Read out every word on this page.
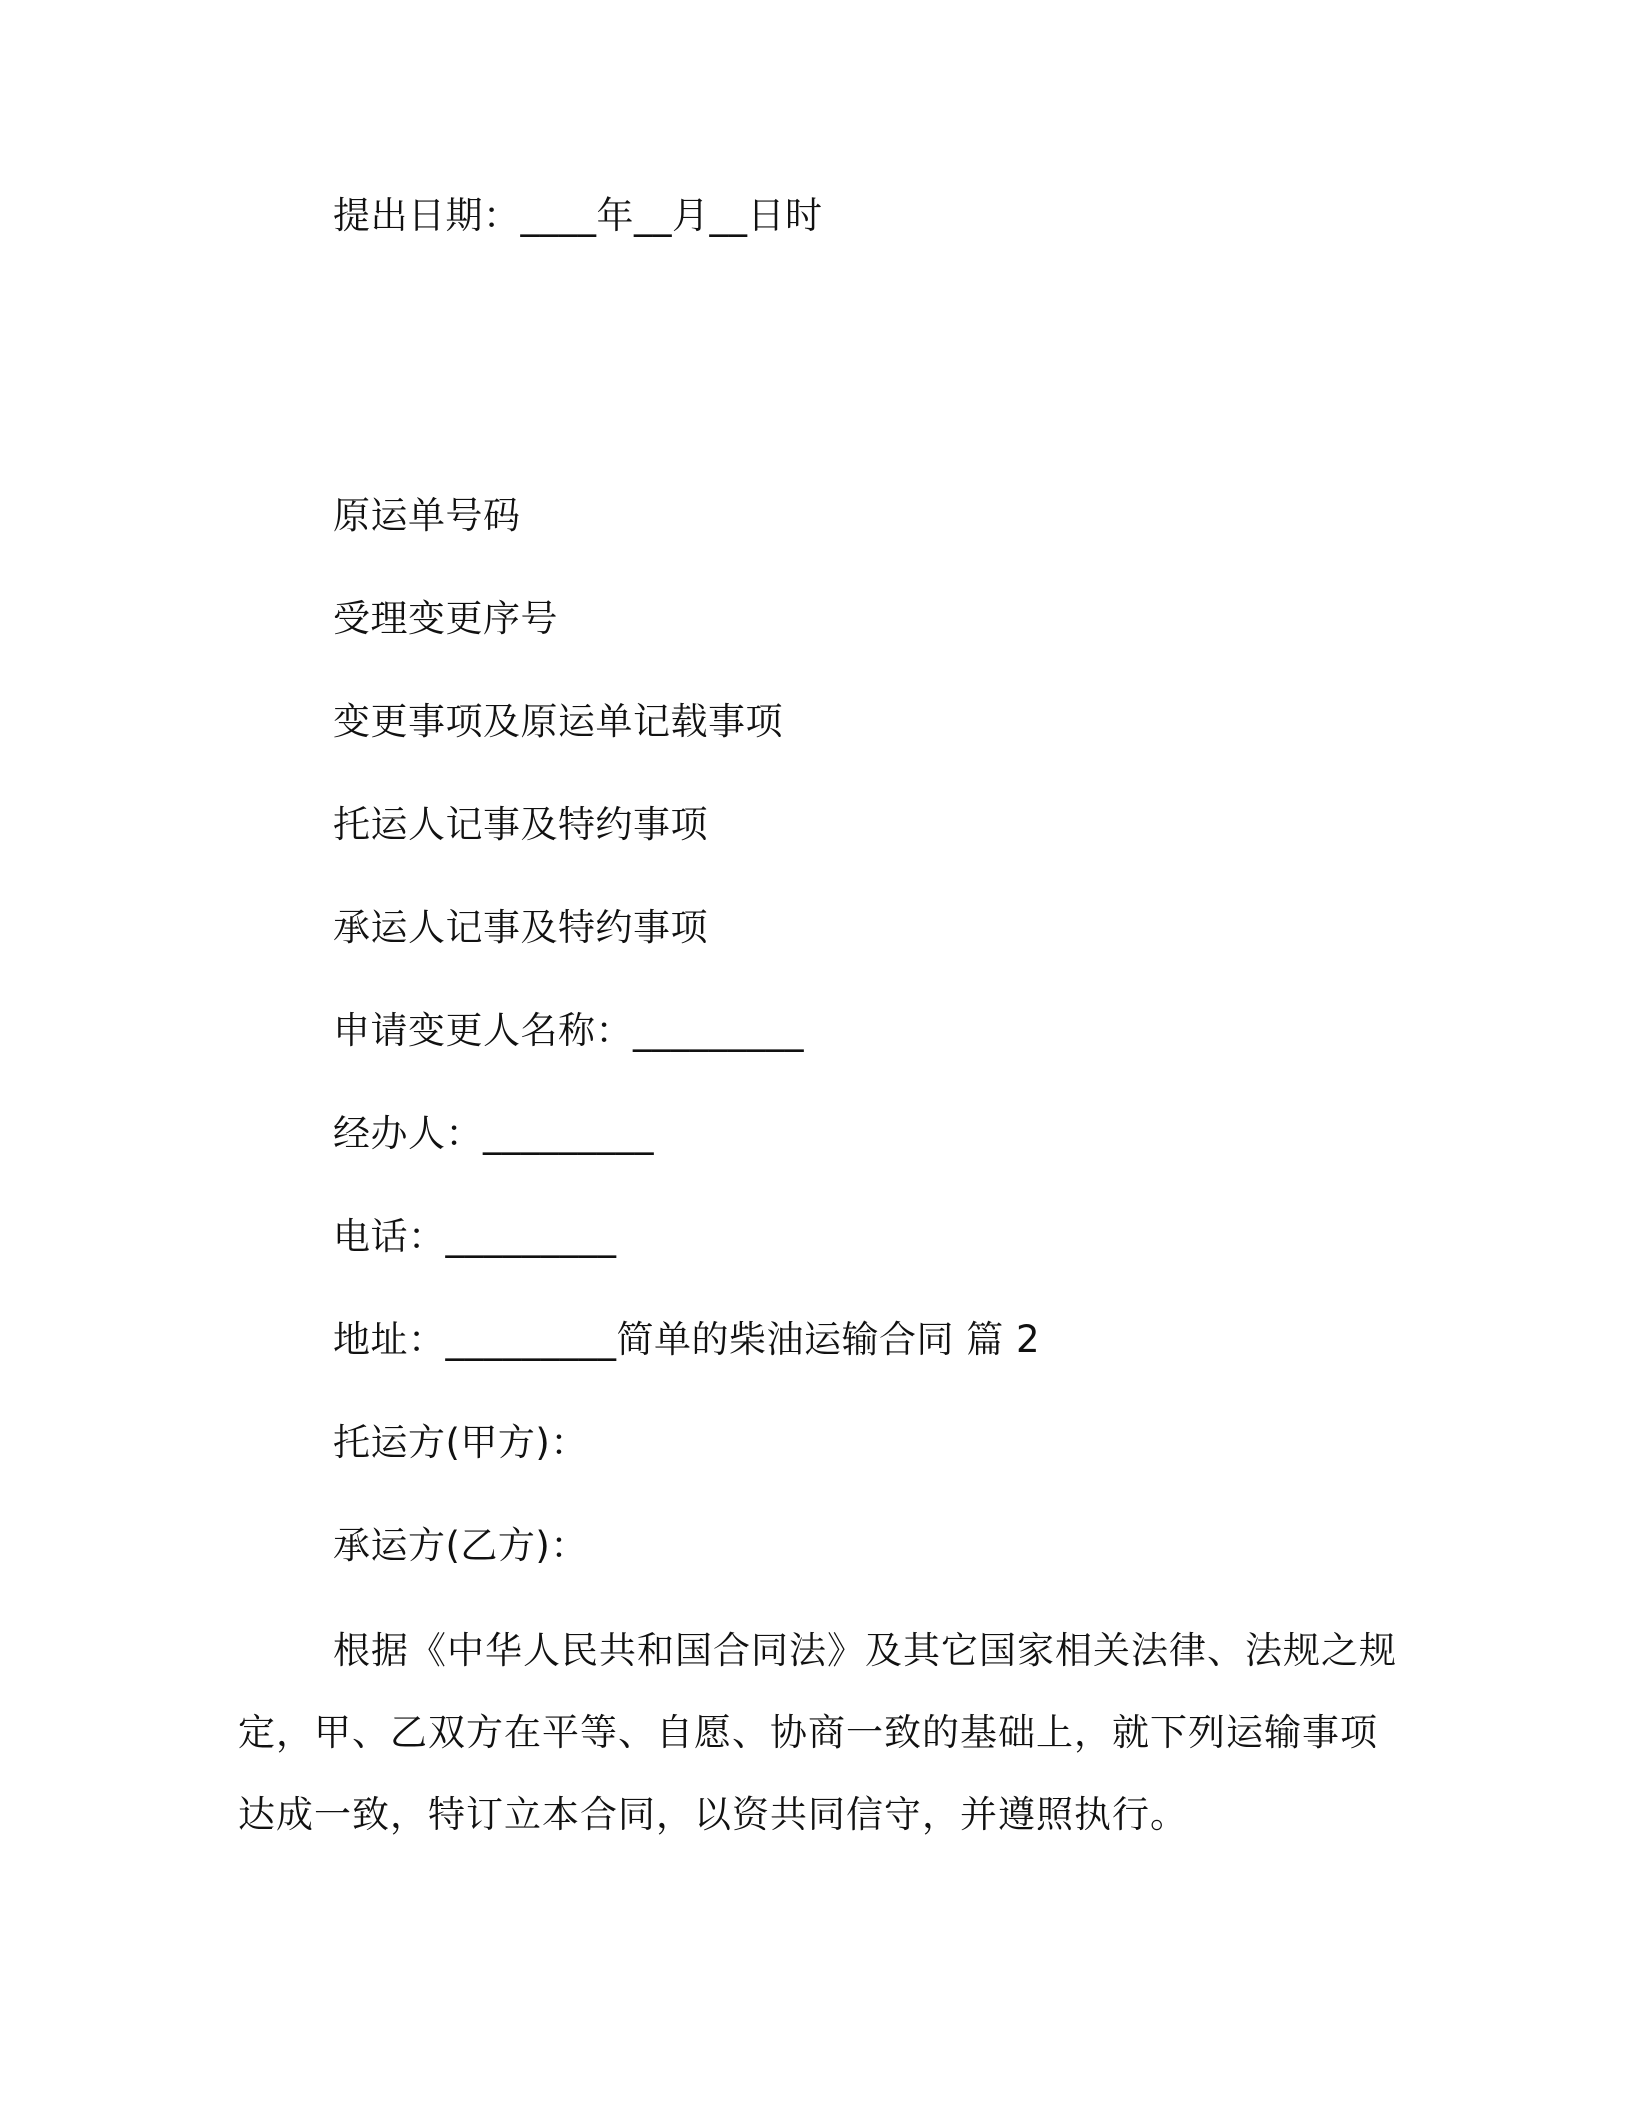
提出日期：____年__月__日时
原运单号码
受理变更序号
变更事项及原运单记载事项
托运人记事及特约事项
承运人记事及特约事项
申请变更人名称：_________
经办人：_________
电话：_________
地址：_________简单的柴油运输合同 篇 2
托运方(甲方)：
承运方(乙方)：
根据《中华人民共和国合同法》及其它国家相关法律、法规之规定，甲、乙双方在平等、自愿、协商一致的基础上，就下列运输事项达成一致，特订立本合同，以资共同信守，并遵照执行。
